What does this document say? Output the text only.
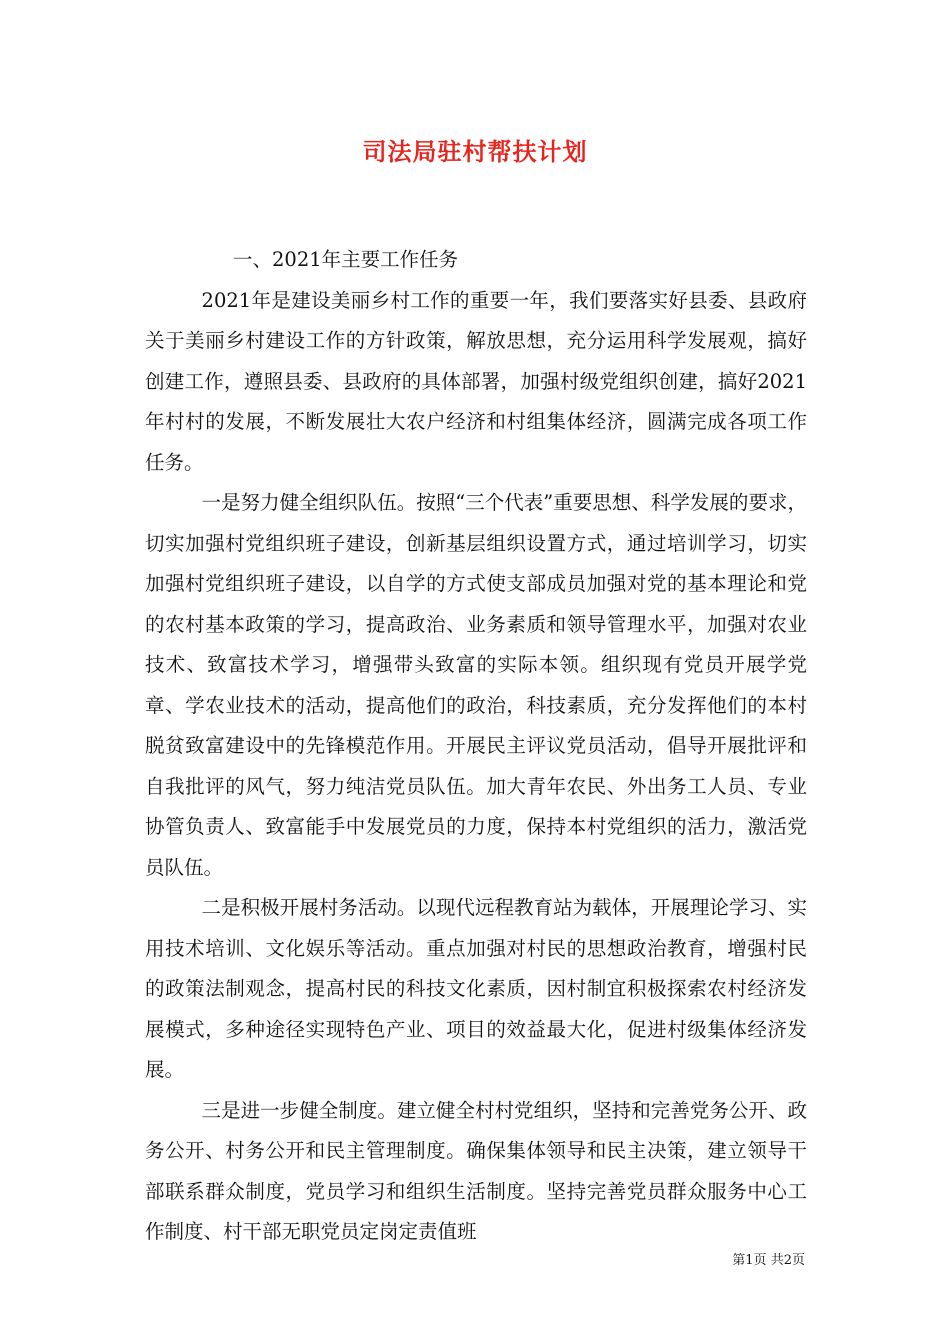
司法局驻村帮扶计划

一、2021年主要工作任务

2021年是建设美丽乡村工作的重要一年，我们要落实好县委、县政府关于美丽乡村建设工作的方针政策，解放思想，充分运用科学发展观，搞好创建工作，遵照县委、县政府的具体部署，加强村级党组织创建，搞好2021年村村的发展，不断发展壮大农户经济和村组集体经济，圆满完成各项工作任务。

一是努力健全组织队伍。按照“三个代表”重要思想、科学发展的要求，切实加强村党组织班子建设，创新基层组织设置方式，通过培训学习，切实加强村党组织班子建设，以自学的方式使支部成员加强对党的基本理论和党的农村基本政策的学习，提高政治、业务素质和领导管理水平，加强对农业技术、致富技术学习，增强带头致富的实际本领。组织现有党员开展学党章、学农业技术的活动，提高他们的政治，科技素质，充分发挥他们的本村脱贫致富建设中的先锋模范作用。开展民主评议党员活动，倡导开展批评和自我批评的风气，努力纯洁党员队伍。加大青年农民、外出务工人员、专业协管负责人、致富能手中发展党员的力度，保持本村党组织的活力，激活党员队伍。

二是积极开展村务活动。以现代远程教育站为载体，开展理论学习、实用技术培训、文化娱乐等活动。重点加强对村民的思想政治教育，增强村民的政策法制观念，提高村民的科技文化素质，因村制宜积极探索农村经济发展模式，多种途径实现特色产业、项目的效益最大化，促进村级集体经济发展。

三是进一步健全制度。建立健全村村党组织，坚持和完善党务公开、政务公开、村务公开和民主管理制度。确保集体领导和民主决策，建立领导干部联系群众制度，党员学习和组织生活制度。坚持完善党员群众服务中心工作制度、村干部无职党员定岗定责值班

第1页 共2页
